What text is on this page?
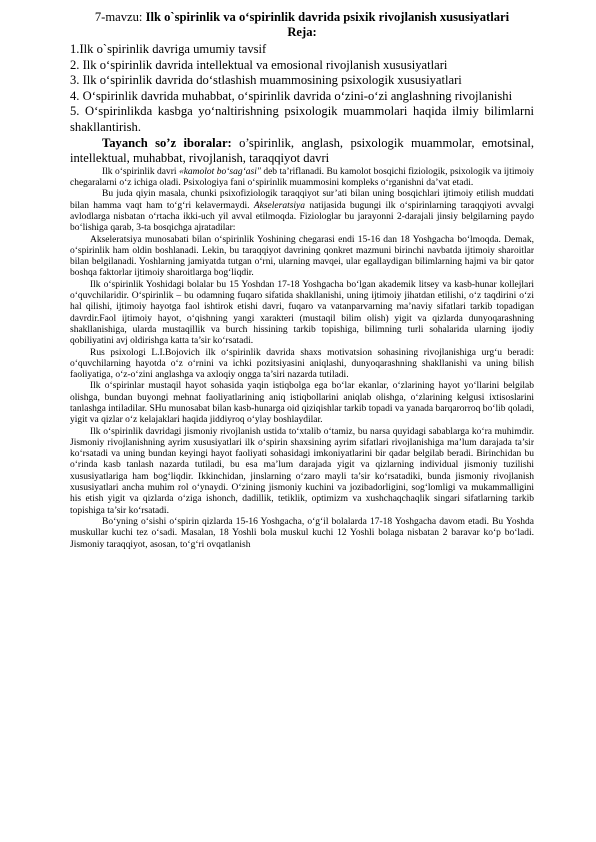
7-mavzu: Ilk o`spirinlik va o‘spirinlik davrida psixik rivojlanish xususiyatlari

Reja:

1.Ilk o`spirinlik davriga umumiy tavsif
2. Ilk o‘spirinlik davrida intellektual va emosional rivojlanish xususiyatlari
3. Ilk o‘spirinlik davrida do‘stlashish muammosining psixologik xususiyatlari
4. O‘spirinlik davrida muhabbat, o‘spirinlik davrida o‘zini-o‘zi anglashning rivojlanishi
5. O‘spirinlikda kasbga yo‘naltirishning psixologik muammolari haqida ilmiy bilimlarni shakllantirish.

Tayanch so’z iboralar: o’spirinlik, anglash, psixologik muammolar, emotsinal, intellektual, muhabbat, rivojlanish, taraqqiyot davri

Ilk o‘spirinlik davri «kamolot bo‘sag‘asi" deb ta’riflanadi. Bu kamolot bosqichi fiziologik, psixologik va ijtimoiy chegaralarni o‘z ichiga oladi. Psixologiya fani o‘spirinlik muammosini kompleks o‘rganishni da’vat etadi.

Bu juda qiyin masala, chunki psixofiziologik taraqqiyot sur’ati bilan uning bosqichlari ijtimoiy etilish muddati bilan hamma vaqt ham to‘g‘ri kelavermaydi. Akseleratsiya natijasida bugungi ilk o‘spirinlarning taraqqiyoti avvalgi avlodlarga nisbatan o‘rtacha ikki-uch yil avval etilmoqda. Fiziologlar bu jarayonni 2-darajali jinsiy belgilarning paydo bo‘lishiga qarab, 3-ta bosqichga ajratadilar:

Akseleratsiya munosabati bilan o‘spirinlik Yoshining chegarasi endi 15-16 dan 18 Yoshgacha bo‘lmoqda. Demak, o‘spirinlik ham oldin boshlanadi. Lekin, bu taraqqiyot davrining qonkret mazmuni birinchi navbatda ijtimoiy sharoitlar bilan belgilanadi. Yoshlarning jamiyatda tutgan o‘rni, ularning mavqei, ular egallaydigan bilimlarning hajmi va bir qator boshqa faktorlar ijtimoiy sharoitlarga bog‘liqdir.

Ilk o‘spirinlik Yoshidagi bolalar bu 15 Yoshdan 17-18 Yoshgacha bo‘lgan akademik litsey va kasb-hunar kollejlari o‘quvchilaridir. O‘spirinlik – bu odamning fuqaro sifatida shakllanishi, uning ijtimoiy jihatdan etilishi, o‘z taqdirini o‘zi hal qilishi, ijtimoiy hayotga faol ishtirok etishi davri, fuqaro va vatanparvarning ma’naviy sifatlari tarkib topadigan davrdir.Faol ijtimoiy hayot, o‘qishning yangi xarakteri (mustaqil bilim olish) yigit va qizlarda dunyoqarashning shakllanishiga, ularda mustaqillik va burch hissining tarkib topishiga, bilimning turli sohalarida ularning ijodiy qobiliyatini avj oldirishga katta ta’sir ko‘rsatadi.

Rus psixologi L.I.Bojovich ilk o‘spirinlik davrida shaxs motivatsion sohasining rivojlanishiga urg‘u beradi: o‘quvchilarning hayotda o‘z o‘rnini va ichki pozitsiyasini aniqlashi, dunyoqarashning shakllanishi va uning bilish faoliyatiga, o‘z-o‘zini anglashga va axloqiy ongga ta’siri nazarda tutiladi.

Ilk o‘spirinlar mustaqil hayot sohasida yaqin istiqbolga ega bo‘lar ekanlar, o‘zlarining hayot yo‘llarini belgilab olishga, bundan buyongi mehnat faoliyatlarining aniq istiqbollarini aniqlab olishga, o‘zlarining kelgusi ixtisoslarini tanlashga intiladilar. SHu munosabat bilan kasb-hunarga oid qiziqishlar tarkib topadi va yanada barqarorroq bo‘lib qoladi, yigit va qizlar o‘z kelajaklari haqida jiddiyroq o‘ylay boshlaydilar.

Ilk o‘spirinlik davridagi jismoniy rivojlanish ustida to‘xtalib o‘tamiz, bu narsa quyidagi sabablarga ko‘ra muhimdir. Jismoniy rivojlanishning ayrim xususiyatlari ilk o‘spirin shaxsining ayrim sifatlari rivojlanishiga ma’lum darajada ta’sir ko‘rsatadi va uning bundan keyingi hayot faoliyati sohasidagi imkoniyatlarini bir qadar belgilab beradi. Birinchidan bu o‘rinda kasb tanlash nazarda tutiladi, bu esa ma’lum darajada yigit va qizlarning individual jismoniy tuzilishi xususiyatlariga ham bog‘liqdir. Ikkinchidan, jinslarning o‘zaro mayli ta’sir ko‘rsatadiki, bunda jismoniy rivojlanish xususiyatlari ancha muhim rol o‘ynaydi. O‘zining jismoniy kuchini va jozibadorligini, sog‘lomligi va mukammalligini his etish yigit va qizlarda o‘ziga ishonch, dadillik, tetiklik, optimizm va xushchaqchaqlik singari sifatlarning tarkib topishiga ta’sir ko‘rsatadi.

Bo‘yning o‘sishi o‘spirin qizlarda 15-16 Yoshgacha, o‘g‘il bolalarda 17-18 Yoshgacha davom etadi. Bu Yoshda muskullar kuchi tez o‘sadi. Masalan, 18 Yoshli bola muskul kuchi 12 Yoshli bolaga nisbatan 2 baravar ko‘p bo‘ladi. Jismoniy taraqqiyot, asosan, to‘g‘ri ovqatlanish
